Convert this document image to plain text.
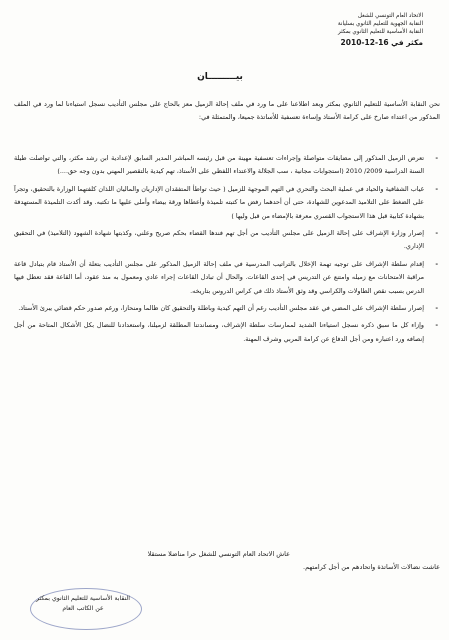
الاتحاد العام التونسي للشغل
النقابة الجهوية للتعليم الثانوي بسليانة
النقابة الأساسية للتعليم الثانوي بمكثر
مكثر في 16-12-2010
بيـــــــــان
نحن النقابة الأساسية للتعليم الثانوي بمكثر وبعد اطلاعنا على ما ورد في ملف إحالة الزميل معز بالحاج على مجلس التأديب نسجل استياءنا لما ورد في الملف المذكور من اعتداء صارخ على كرامة الأستاذ وإساءة تعسفية للأساتذة جميعا، والمتمثلة في:
-
تعرض الزميل المذكور إلى مضايقات متواصلة وإجراءات تعسفية مهينة من قبل رئيسه المباشر المدير السابق لإعدادية ابن رشد مكثر، والتي تواصلت طيلة السنة الدراسية 2009/ 2010 (استجوابات مجانية ، سب الجلالة والاعتداء اللفظي على الأستاذ، تهم كيدية بالتقصير المهني بدون وجه حق....)
-
غياب الشفافية والحياد في عملية البحث والتحري في التهم الموجهة للزميل ( حيث تواطأ المتفقدان الإداريان والماليان اللذان كلفتهما الوزارة بالتحقيق، وتجرآ على الضغط على التلاميذ المدعوين للشهادة، حتى أن أحدهما رفض ما كتبته تلميذة وأعطاها ورقة بيضاء وأملى عليها ما تكتبه. وقد أكدت التلميذة المستهدفة بشهادة كتابية قبل هذا الاستجواب القسري معرفة بالإمضاء من قبل وليها )
-
إصرار وزارة الإشراف على إحالة الزميل على مجلس التأديب من أجل تهم فندها القضاء بحكم صريح وعلني، وكذبتها شهادة الشهود (التلاميذ) في التحقيق الإداري.
-
إقدام سلطة الإشراف على توجيه تهمة الإخلال بالتراتيب المدرسية في ملف إحالة الزميل المذكور على مجلس التأديب بتعلة أن الأستاذ قام بتبادل قاعة مراقبة الامتحانات مع زميله وامتنع عن التدريس في إحدى القاعات. والحال أن تبادل القاعات إجراء عادي ومعمول به منذ عقود، أما القاعة فقد تعطل فيها الدرس بسبب نقص الطاولات والكراسي وقد وثق الأستاذ ذلك في كراس الدروس بتاريخه.
-
إصرار سلطة الإشراف على المضي في عقد مجلس التأديب رغم أن التهم كيدية وباطلة والتحقيق كان ظالما ومنحازا، ورغم صدور حكم قضائي يبرئ الأستاذ.
-
وإزاء كل ما سبق ذكره نسجل استياءنا الشديد لممارسات سلطة الإشراف، ومساندتنا المطلقة لزميلنا، واستعدادنا للنضال بكل الأشكال المتاحة من أجل إنصافه ورد اعتباره ومن أجل الدفاع عن كرامة المربي وشرف المهنة.
عاش الاتحاد العام التونسي للشغل حرا مناضلا مستقلا
عاشت نضالات الأساتذة واتحادهم من أجل كرامتهم.
النقابة الأساسية للتعليم الثانوي بمكثر
عن الكاتب العام
